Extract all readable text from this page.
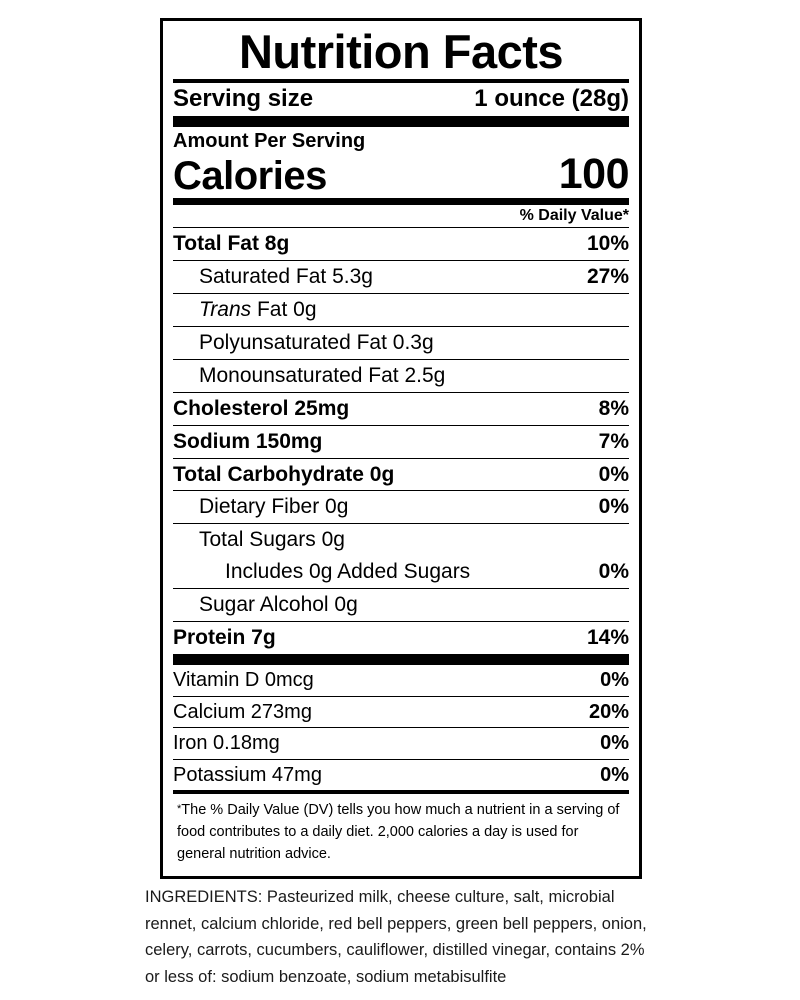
Nutrition Facts
Serving size	1 ounce (28g)
Amount Per Serving
Calories	100
% Daily Value*
Total Fat 8g	10%
Saturated Fat 5.3g	27%
Trans Fat 0g
Polyunsaturated Fat 0.3g
Monounsaturated Fat 2.5g
Cholesterol 25mg	8%
Sodium 150mg	7%
Total Carbohydrate 0g	0%
Dietary Fiber 0g	0%
Total Sugars 0g
Includes 0g Added Sugars	0%
Sugar Alcohol 0g
Protein 7g	14%
Vitamin D 0mcg	0%
Calcium 273mg	20%
Iron 0.18mg	0%
Potassium 47mg	0%
*The % Daily Value (DV) tells you how much a nutrient in a serving of food contributes to a daily diet. 2,000 calories a day is used for general nutrition advice.
INGREDIENTS: Pasteurized milk, cheese culture, salt, microbial rennet, calcium chloride, red bell peppers, green bell peppers, onion, celery, carrots, cucumbers, cauliflower, distilled vinegar, contains 2% or less of: sodium benzoate, sodium metabisulfite
